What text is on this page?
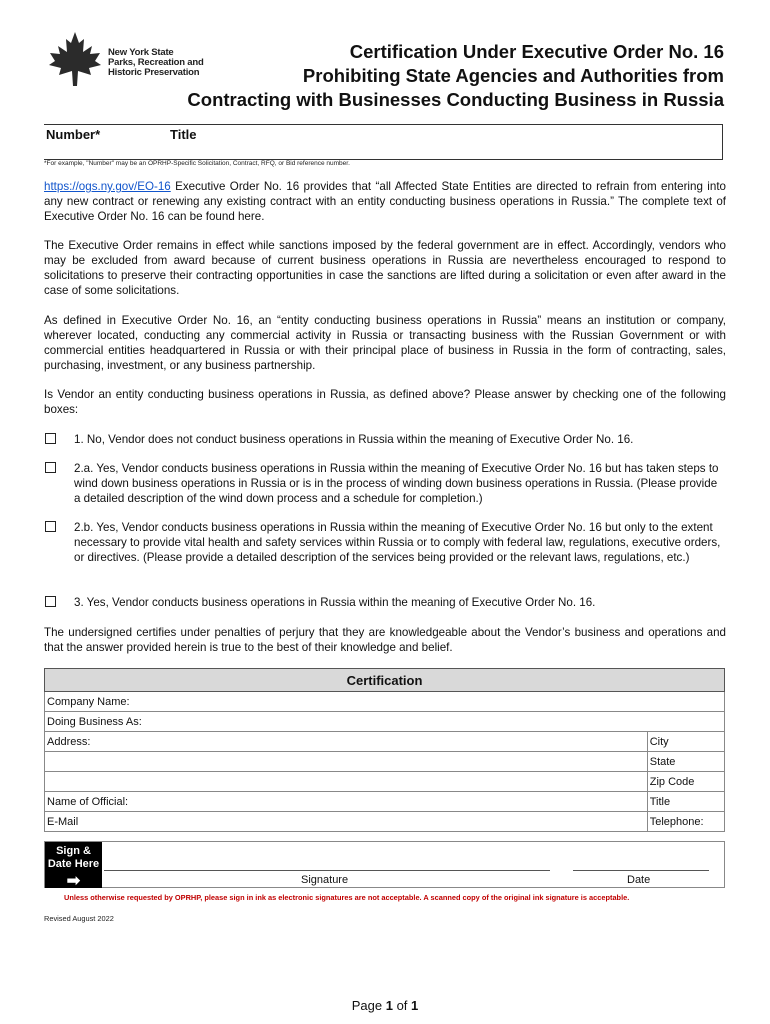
New York State
Parks, Recreation and
Historic Preservation
Certification Under Executive Order No. 16
Prohibiting State Agencies and Authorities from
Contracting with Businesses Conducting Business in Russia
Number*	Title
*For example, "Number" may be an OPRHP-Specific Solicitation, Contract, RFQ, or Bid reference number.
https://ogs.ny.gov/EO-16 Executive Order No. 16 provides that “all Affected State Entities are directed to refrain from entering into any new contract or renewing any existing contract with an entity conducting business operations in Russia.” The complete text of Executive Order No. 16 can be found here.
The Executive Order remains in effect while sanctions imposed by the federal government are in effect. Accordingly, vendors who may be excluded from award because of current business operations in Russia are nevertheless encouraged to respond to solicitations to preserve their contracting opportunities in case the sanctions are lifted during a solicitation or even after award in the case of some solicitations.
As defined in Executive Order No. 16, an “entity conducting business operations in Russia” means an institution or company, wherever located, conducting any commercial activity in Russia or transacting business with the Russian Government or with commercial entities headquartered in Russia or with their principal place of business in Russia in the form of contracting, sales, purchasing, investment, or any business partnership.
Is Vendor an entity conducting business operations in Russia, as defined above? Please answer by checking one of the following boxes:
1. No, Vendor does not conduct business operations in Russia within the meaning of Executive Order No. 16.
2.a. Yes, Vendor conducts business operations in Russia within the meaning of Executive Order No. 16 but has taken steps to wind down business operations in Russia or is in the process of winding down business operations in Russia. (Please provide a detailed description of the wind down process and a schedule for completion.)
2.b. Yes, Vendor conducts business operations in Russia within the meaning of Executive Order No. 16 but only to the extent necessary to provide vital health and safety services within Russia or to comply with federal law, regulations, executive orders, or directives. (Please provide a detailed description of the services being provided or the relevant laws, regulations, etc.)
3. Yes, Vendor conducts business operations in Russia within the meaning of Executive Order No. 16.
The undersigned certifies under penalties of perjury that they are knowledgeable about the Vendor’s business and operations and that the answer provided herein is true to the best of their knowledge and belief.
Certification	
Company Name:	
Doing Business As:	
Address:	City
	State
	Zip Code
Name of Official:	Title
E-Mail	Telephone:
Sign &
Date Here
➡	Signature	Date
Unless otherwise requested by OPRHP, please sign in ink as electronic signatures are not acceptable. A scanned copy of the original ink signature is acceptable.
Revised August 2022
Page 1 of 1
